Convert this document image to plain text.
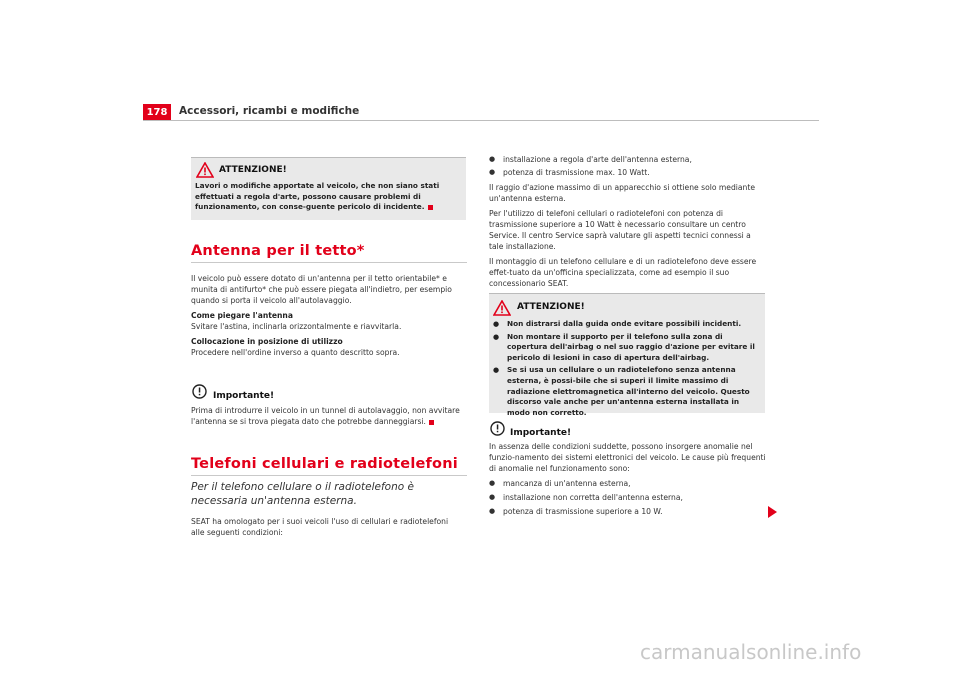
178	Accessori, ricambi e modifiche
ATTENZIONE!
Lavori o modifiche apportate al veicolo, che non siano stati effettuati a regola d'arte, possono causare problemi di funzionamento, con conse-guente pericolo di incidente.
Antenna per il tetto*

Il veicolo può essere dotato di un'antenna per il tetto orientabile* e munita di antifurto* che può essere piegata all'indietro, per esempio quando si porta il veicolo all'autolavaggio.

Come piegare l'antenna

Svitare l'astina, inclinarla orizzontalmente e riavvitarla.

Collocazione in posizione di utilizzo

Procedere nell'ordine inverso a quanto descritto sopra.

Importante!
Prima di introdurre il veicolo in un tunnel di autolavaggio, non avvitare l'antenna se si trova piegata dato che potrebbe danneggiarsi.
Telefoni cellulari e radiotelefoni
Per il telefono cellulare o il radiotelefono è necessaria un'antenna esterna.
SEAT ha omologato per i suoi veicoli l'uso di cellulari e radiotelefoni alle seguenti condizioni:
● installazione a regola d'arte dell'antenna esterna,
● potenza di trasmissione max. 10 Watt.

Il raggio d'azione massimo di un apparecchio si ottiene solo mediante un'antenna esterna.

Per l'utilizzo di telefoni cellulari o radiotelefoni con potenza di trasmissione superiore a 10 Watt è necessario consultare un centro Service. Il centro Service saprà valutare gli aspetti tecnici connessi a tale installazione.

Il montaggio di un telefono cellulare e di un radiotelefono deve essere effet-tuato da un'officina specializzata, come ad esempio il suo concessionario SEAT.

ATTENZIONE!
● Non distrarsi dalla guida onde evitare possibili incidenti.
● Non montare il supporto per il telefono sulla zona di copertura dell'airbag o nel suo raggio d'azione per evitare il pericolo di lesioni in caso di apertura dell'airbag.
● Se si usa un cellulare o un radiotelefono senza antenna esterna, è possi-bile che si superi il limite massimo di radiazione elettromagnetica all'interno del veicolo. Questo discorso vale anche per un'antenna esterna installata in modo non corretto.
Importante!

In assenza delle condizioni suddette, possono insorgere anomalie nel funzio-namento dei sistemi elettronici del veicolo. Le cause più frequenti di anomalie nel funzionamento sono:

● mancanza di un'antenna esterna,
● installazione non corretta dell'antenna esterna,
● potenza di trasmissione superiore a 10 W.
carmanualsonline.info
